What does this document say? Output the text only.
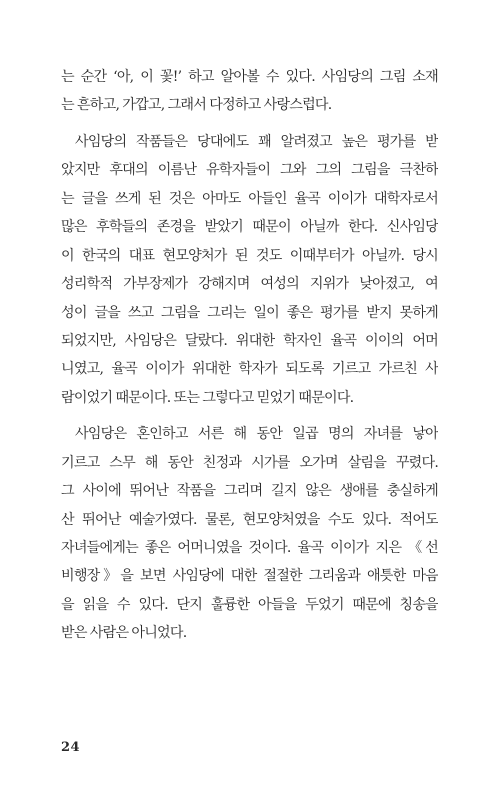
는 순간 ‘아, 이 꽃!’ 하고 알아볼 수 있다. 사임당의 그림 소재
는 흔하고, 가깝고, 그래서 다정하고 사랑스럽다.
사임당의 작품들은 당대에도 꽤 알려졌고 높은 평가를 받
았지만 후대의 이름난 유학자들이 그와 그의 그림을 극찬하
는 글을 쓰게 된 것은 아마도 아들인 율곡 이이가 대학자로서
많은 후학들의 존경을 받았기 때문이 아닐까 한다. 신사임당
이 한국의 대표 현모양처가 된 것도 이때부터가 아닐까. 당시
성리학적 가부장제가 강해지며 여성의 지위가 낮아졌고, 여
성이 글을 쓰고 그림을 그리는 일이 좋은 평가를 받지 못하게
되었지만, 사임당은 달랐다. 위대한 학자인 율곡 이이의 어머
니였고, 율곡 이이가 위대한 학자가 되도록 기르고 가르친 사
람이었기 때문이다. 또는 그렇다고 믿었기 때문이다.
사임당은 혼인하고 서른 해 동안 일곱 명의 자녀를 낳아
기르고 스무 해 동안 친정과 시가를 오가며 살림을 꾸렸다.
그 사이에 뛰어난 작품을 그리며 길지 않은 생애를 충실하게
산 뛰어난 예술가였다. 물론, 현모양처였을 수도 있다. 적어도
자녀들에게는 좋은 어머니였을 것이다. 율곡 이이가 지은 《선
비행장》을 보면 사임당에 대한 절절한 그리움과 애틋한 마음
을 읽을 수 있다. 단지 훌륭한 아들을 두었기 때문에 칭송을
받은 사람은 아니었다.
24
